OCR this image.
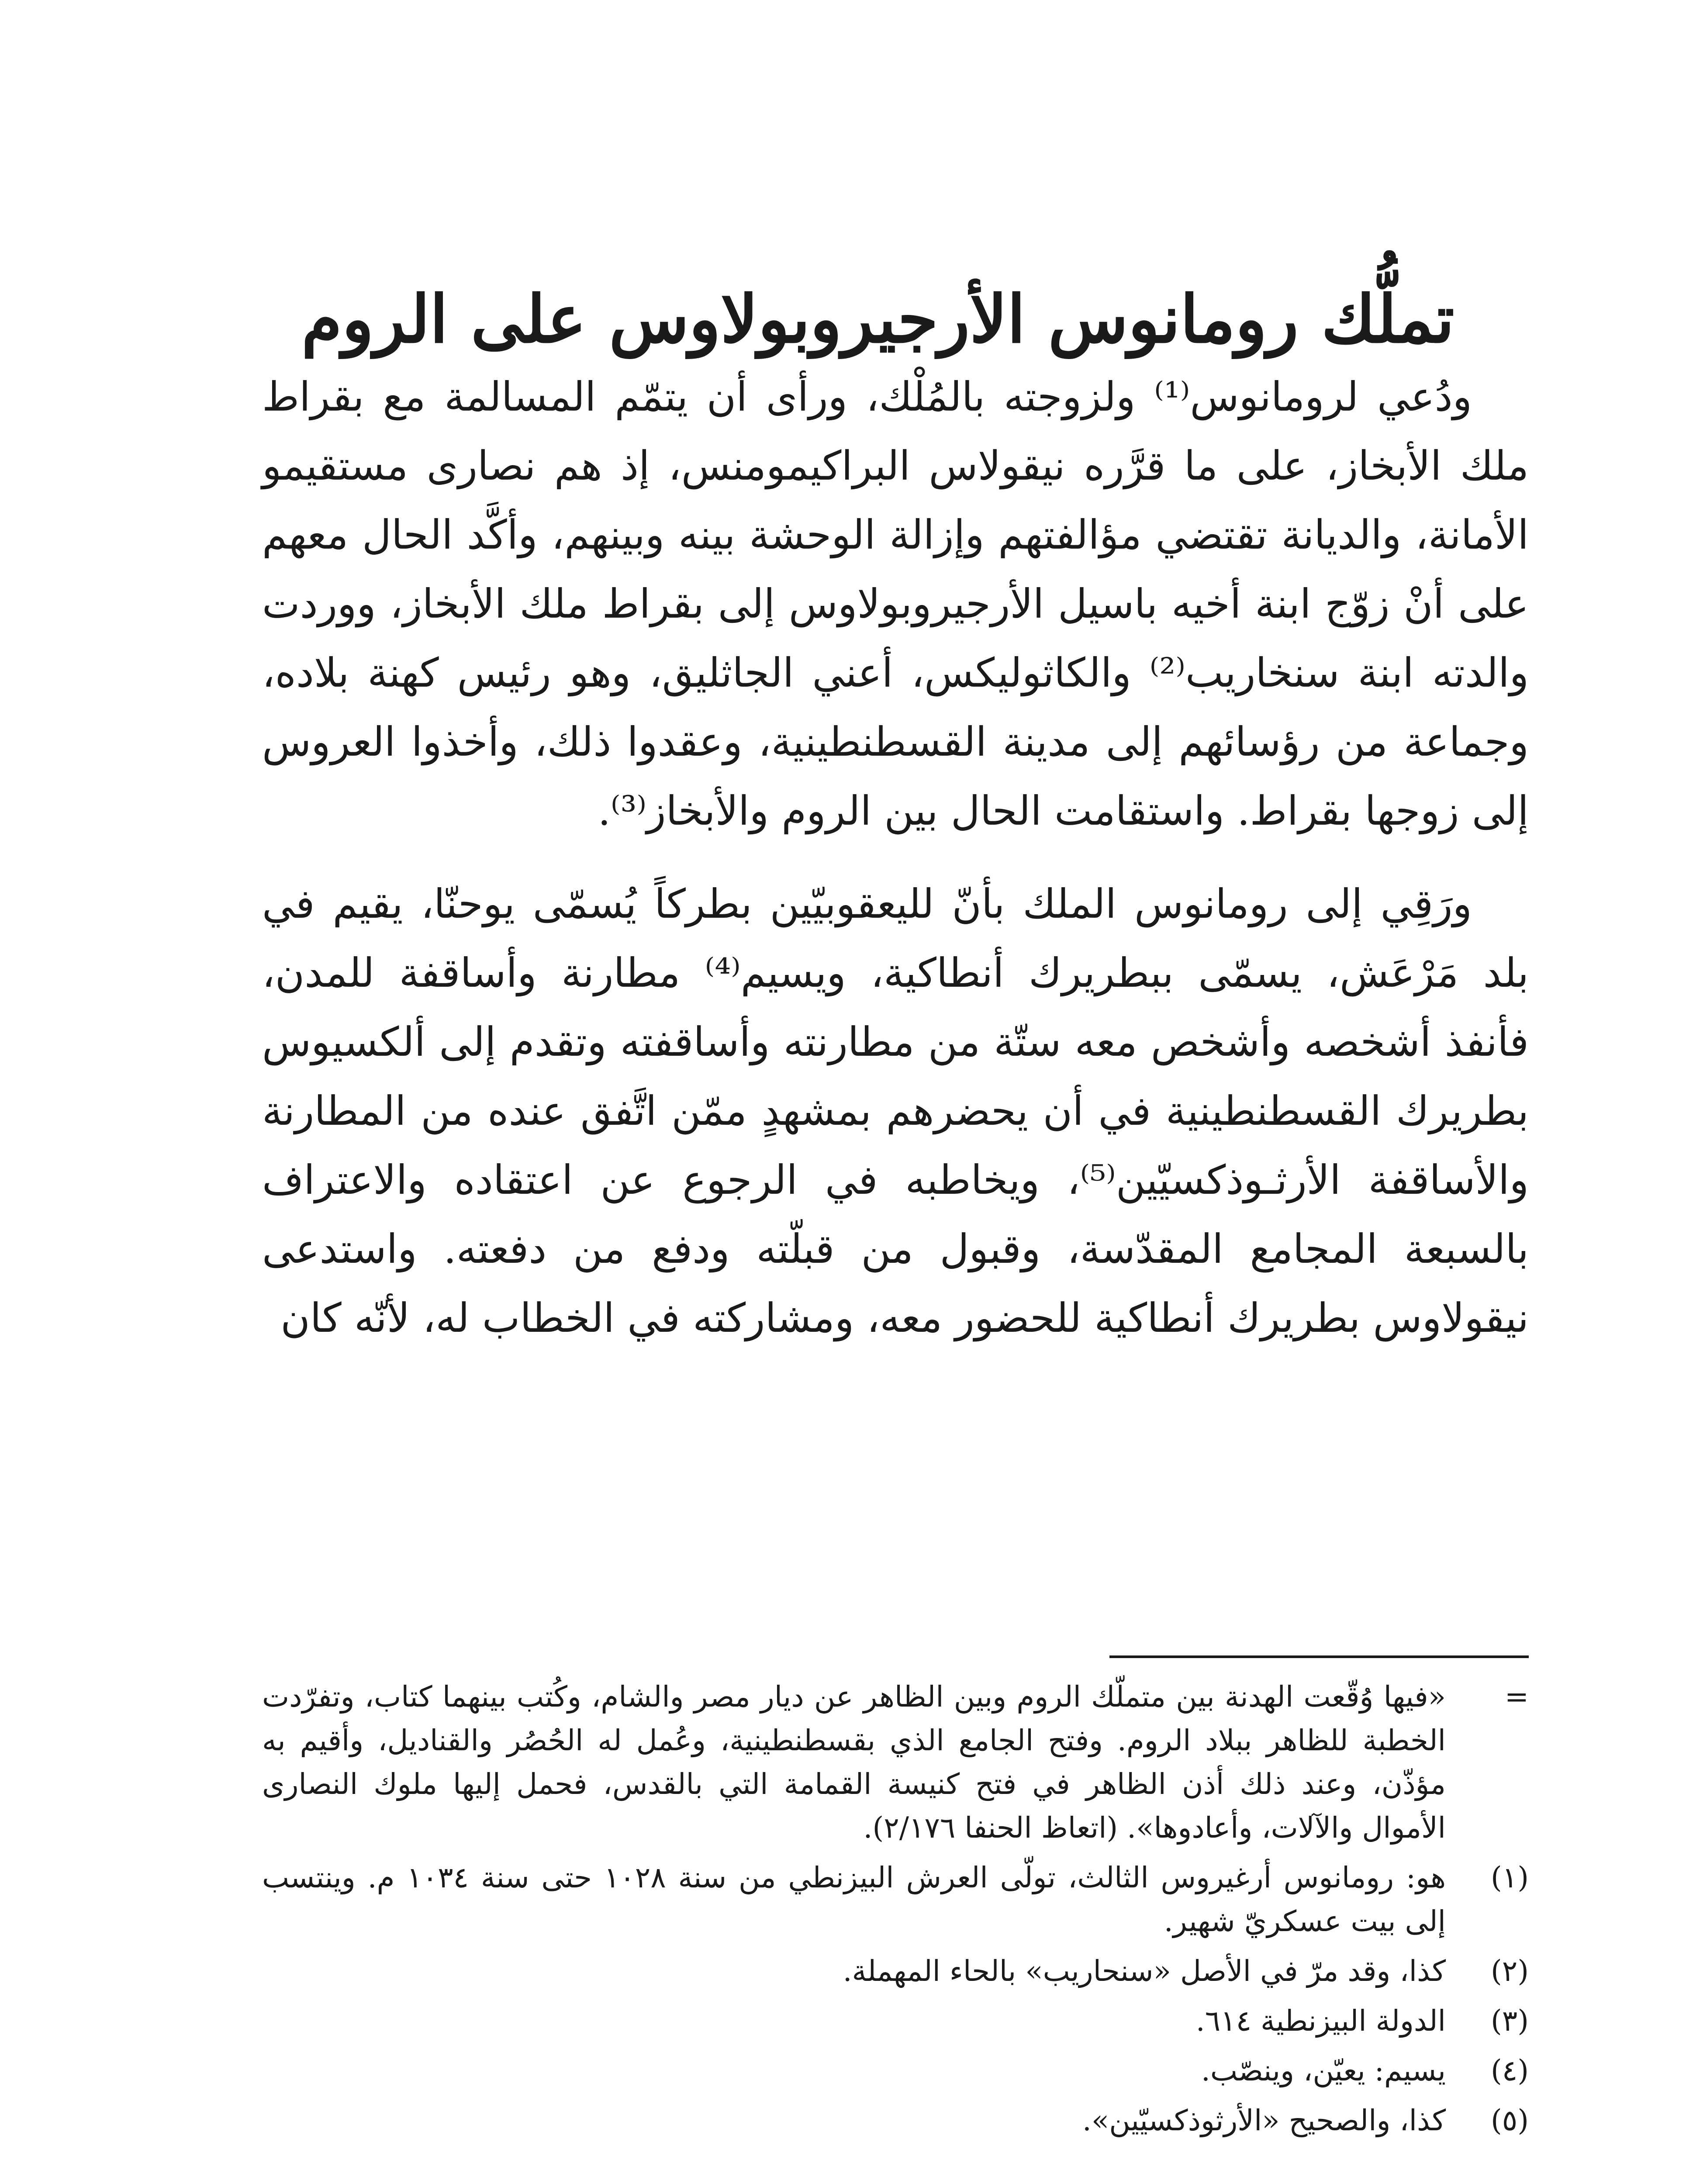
تملُّك رومانوس الأرجيروبولاوس على الروم

ودُعي لرومانوس⁽¹⁾ ولزوجته بالمُلْك، ورأى أن يتمّم المسالمة مع بقراط ملك الأبخاز، على ما قرَّره نيقولاس البراكيمومنس، إذ هم نصارى مستقيمو الأمانة، والديانة تقتضي مؤالفتهم وإزالة الوحشة بينه وبينهم، وأكَّد الحال معهم على أنْ زوّج ابنة أخيه باسيل الأرجيروبولاوس إلى بقراط ملك الأبخاز، ووردت والدته ابنة سنخاريب⁽²⁾ والكاثوليكس، أعني الجاثليق، وهو رئيس كهنة بلاده، وجماعة من رؤسائهم إلى مدينة القسطنطينية، وعقدوا ذلك، وأخذوا العروس إلى زوجها بقراط. واستقامت الحال بين الروم والأبخاز⁽³⁾.

ورَقِي إلى رومانوس الملك بأنّ لليعقوبيّين بطركاً يُسمّى يوحنّا، يقيم في بلد مَرْعَش، يسمّى ببطريرك أنطاكية، ويسيم⁽⁴⁾ مطارنة وأساقفة للمدن، فأنفذ أشخصه وأشخص معه ستّة من مطارنته وأساقفته وتقدم إلى ألكسيوس بطريرك القسطنطينية في أن يحضرهم بمشهدٍ ممّن اتَّفق عنده من المطارنة والأساقفة الأرثـوذكسيّين⁽⁵⁾، ويخاطبه في الرجوع عن اعتقاده والاعتراف بالسبعة المجامع المقدّسة، وقبول من قبلّته ودفع من دفعته. واستدعى نيقولاوس بطريرك أنطاكية للحضور معه، ومشاركته في الخطاب له، لأنّه كان

=
«فيها وُقّعت الهدنة بين متملّك الروم وبين الظاهر عن ديار مصر والشام، وكُتب بينهما كتاب، وتفرّدت الخطبة للظاهر ببلاد الروم. وفتح الجامع الذي بقسطنطينية، وعُمل له الحُصُر والقناديل، وأقيم به مؤذّن، وعند ذلك أذن الظاهر في فتح كنيسة القمامة التي بالقدس، فحمل إليها ملوك النصارى الأموال والآلات، وأعادوها». (اتعاظ الحنفا ٢/١٧٦).
(١)
هو: رومانوس أرغيروس الثالث، تولّى العرش البيزنطي من سنة ١٠٢٨ حتى سنة ١٠٣٤ م. وينتسب إلى بيت عسكريّ شهير.
(٢)
كذا، وقد مرّ في الأصل «سنحاريب» بالحاء المهملة.
(٣)
الدولة البيزنطية ٦١٤.
(٤)
يسيم: يعيّن، وينصّب.
(٥)
كذا، والصحيح «الأرثوذكسيّين».
